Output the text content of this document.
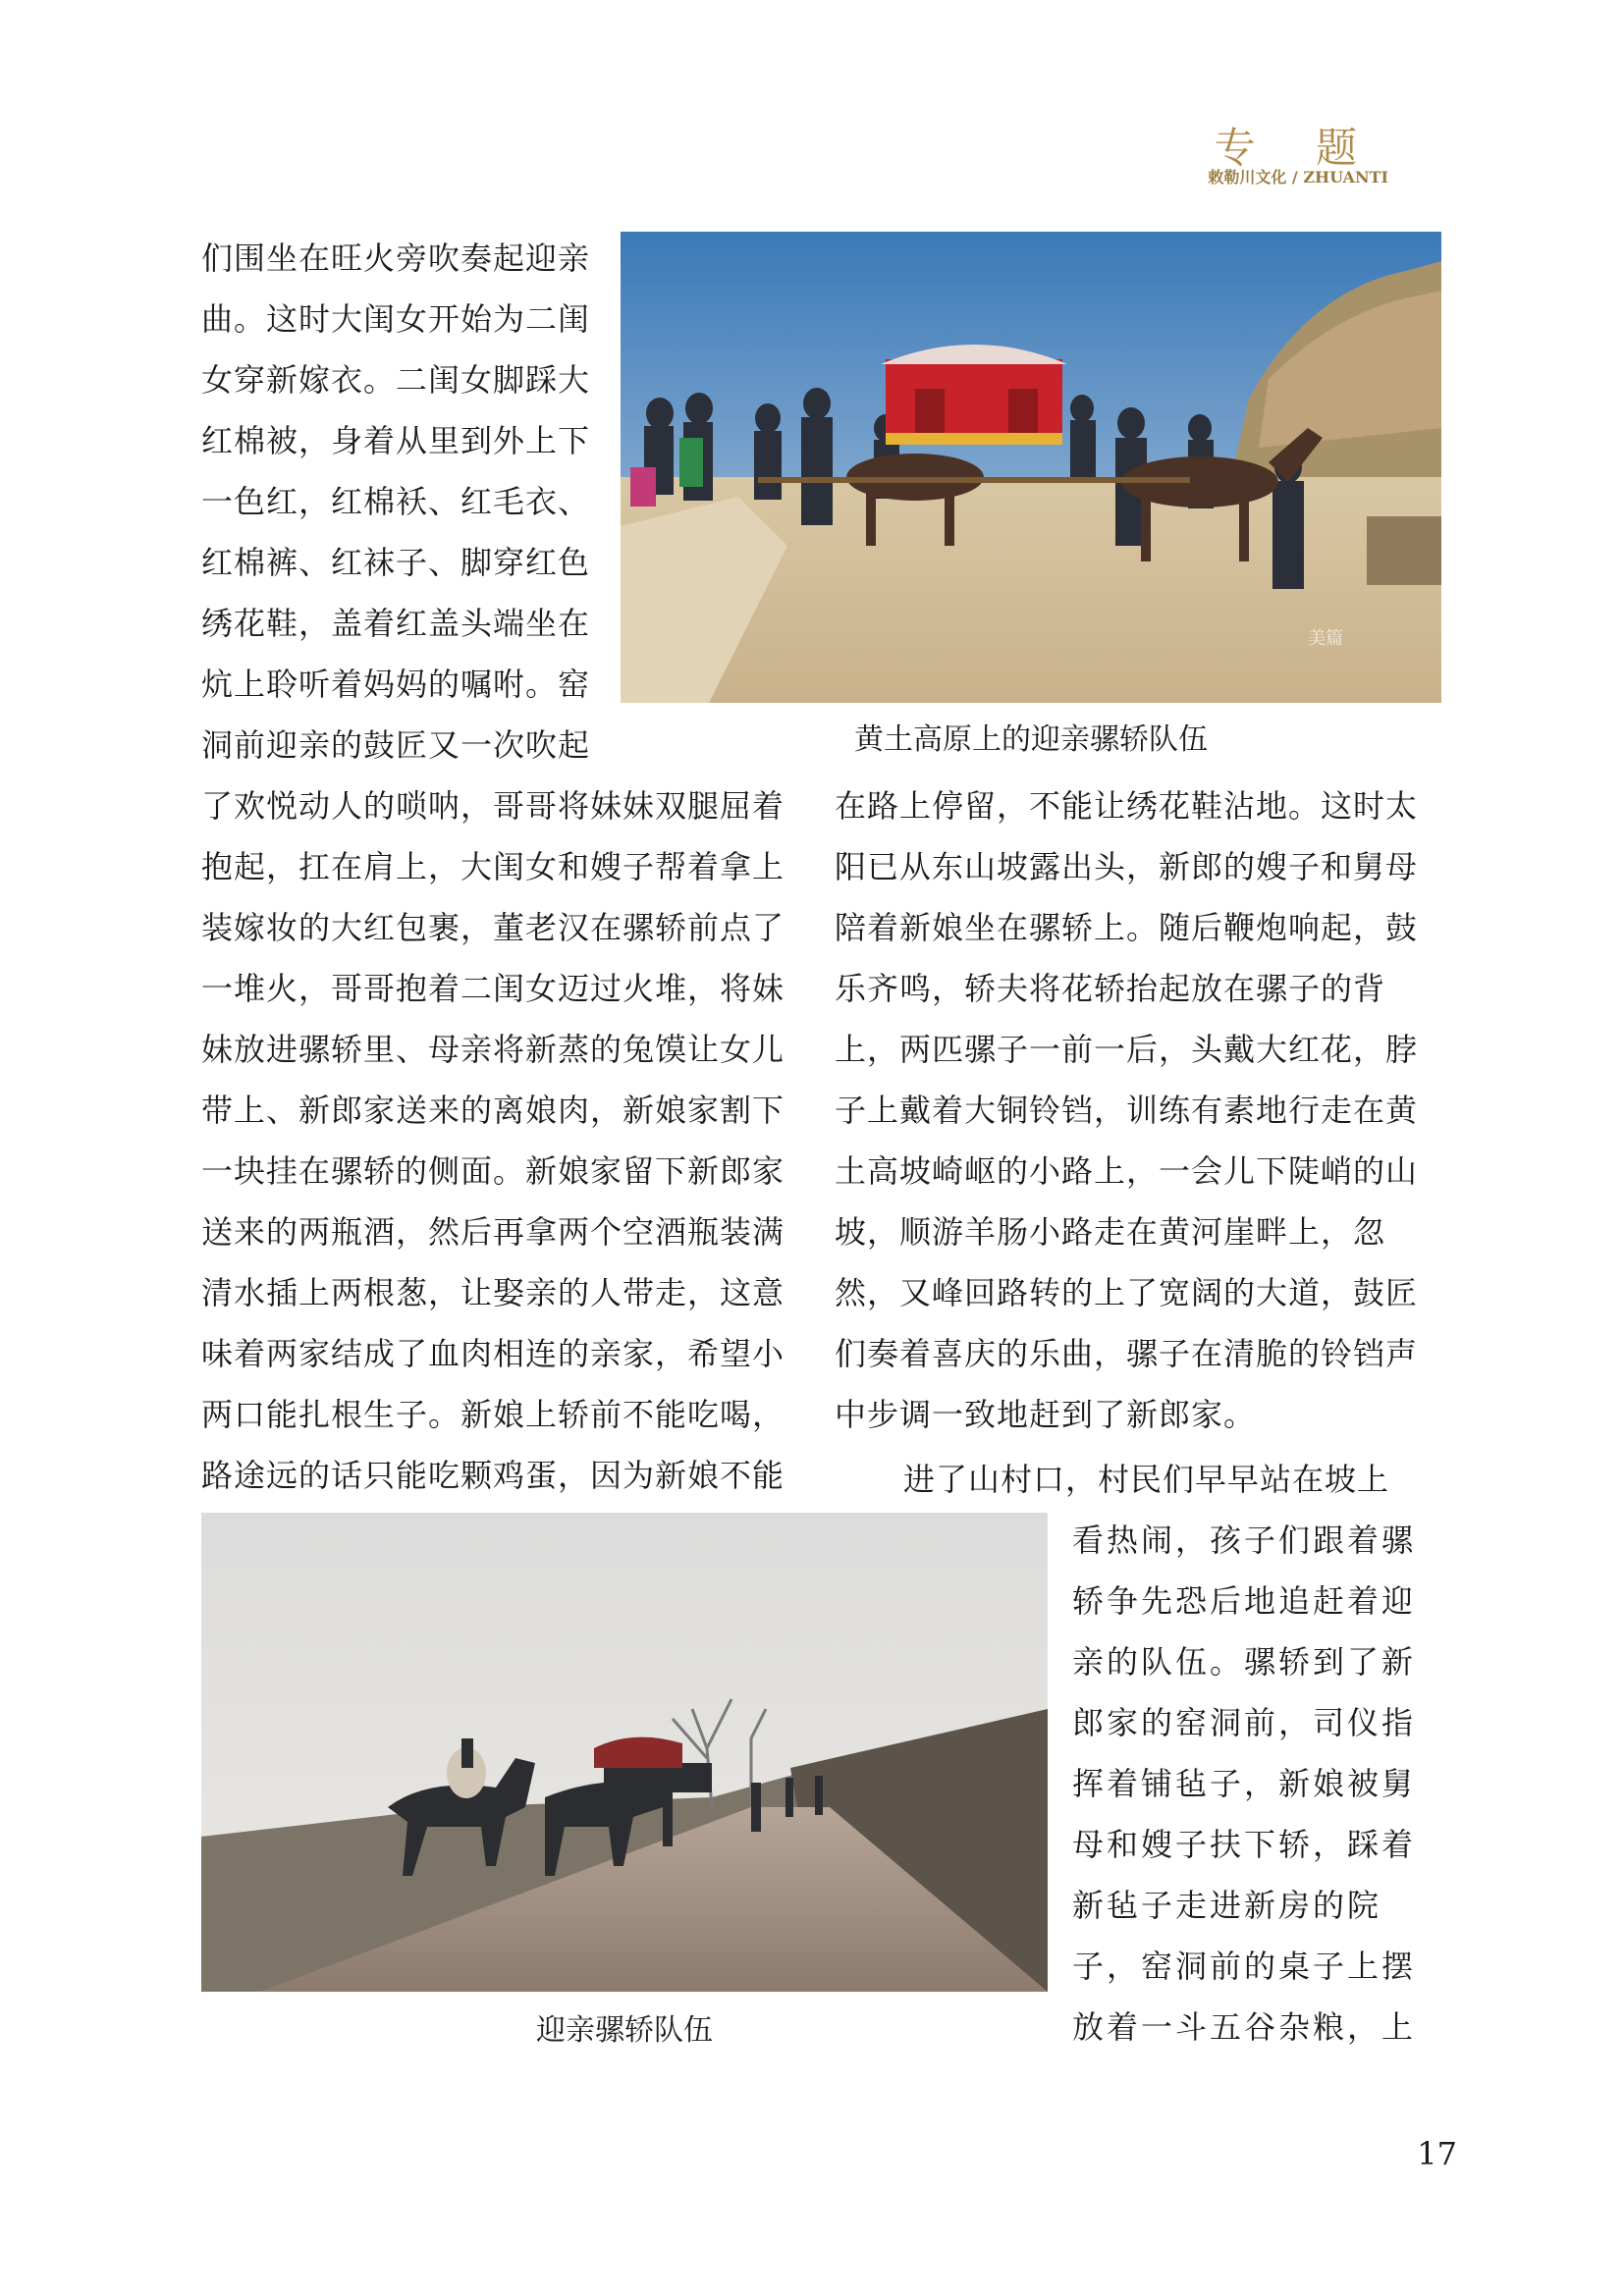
专 题
敕勒川文化 / ZHUANTI
们围坐在旺火旁吹奏起迎亲
曲。这时大闺女开始为二闺
女穿新嫁衣。二闺女脚踩大
红棉被，身着从里到外上下
一色红，红棉袄、红毛衣、
红棉裤、红袜子、脚穿红色
绣花鞋，盖着红盖头端坐在
炕上聆听着妈妈的嘱咐。窑
洞前迎亲的鼓匠又一次吹起
美篇
黄土高原上的迎亲骡轿队伍
了欢悦动人的唢呐，哥哥将妹妹双腿屈着
抱起，扛在肩上，大闺女和嫂子帮着拿上
装嫁妆的大红包裹，董老汉在骡轿前点了
一堆火，哥哥抱着二闺女迈过火堆，将妹
妹放进骡轿里、母亲将新蒸的兔馍让女儿
带上、新郎家送来的离娘肉，新娘家割下
一块挂在骡轿的侧面。新娘家留下新郎家
送来的两瓶酒，然后再拿两个空酒瓶装满
清水插上两根葱，让娶亲的人带走，这意
味着两家结成了血肉相连的亲家，希望小
两口能扎根生子。新娘上轿前不能吃喝，
路途远的话只能吃颗鸡蛋，因为新娘不能
在路上停留，不能让绣花鞋沾地。这时太
阳已从东山坡露出头，新郎的嫂子和舅母
陪着新娘坐在骡轿上。随后鞭炮响起，鼓
乐齐鸣，轿夫将花轿抬起放在骡子的背
上，两匹骡子一前一后，头戴大红花，脖
子上戴着大铜铃铛，训练有素地行走在黄
土高坡崎岖的小路上，一会儿下陡峭的山
坡，顺游羊肠小路走在黄河崖畔上，忽
然，又峰回路转的上了宽阔的大道，鼓匠
们奏着喜庆的乐曲，骡子在清脆的铃铛声
中步调一致地赶到了新郎家。
进了山村口，村民们早早站在坡上
迎亲骡轿队伍
看热闹，孩子们跟着骡
轿争先恐后地追赶着迎
亲的队伍。骡轿到了新
郎家的窑洞前，司仪指
挥着铺毡子，新娘被舅
母和嫂子扶下轿，踩着
新毡子走进新房的院
子，窑洞前的桌子上摆
放着一斗五谷杂粮，上
17
